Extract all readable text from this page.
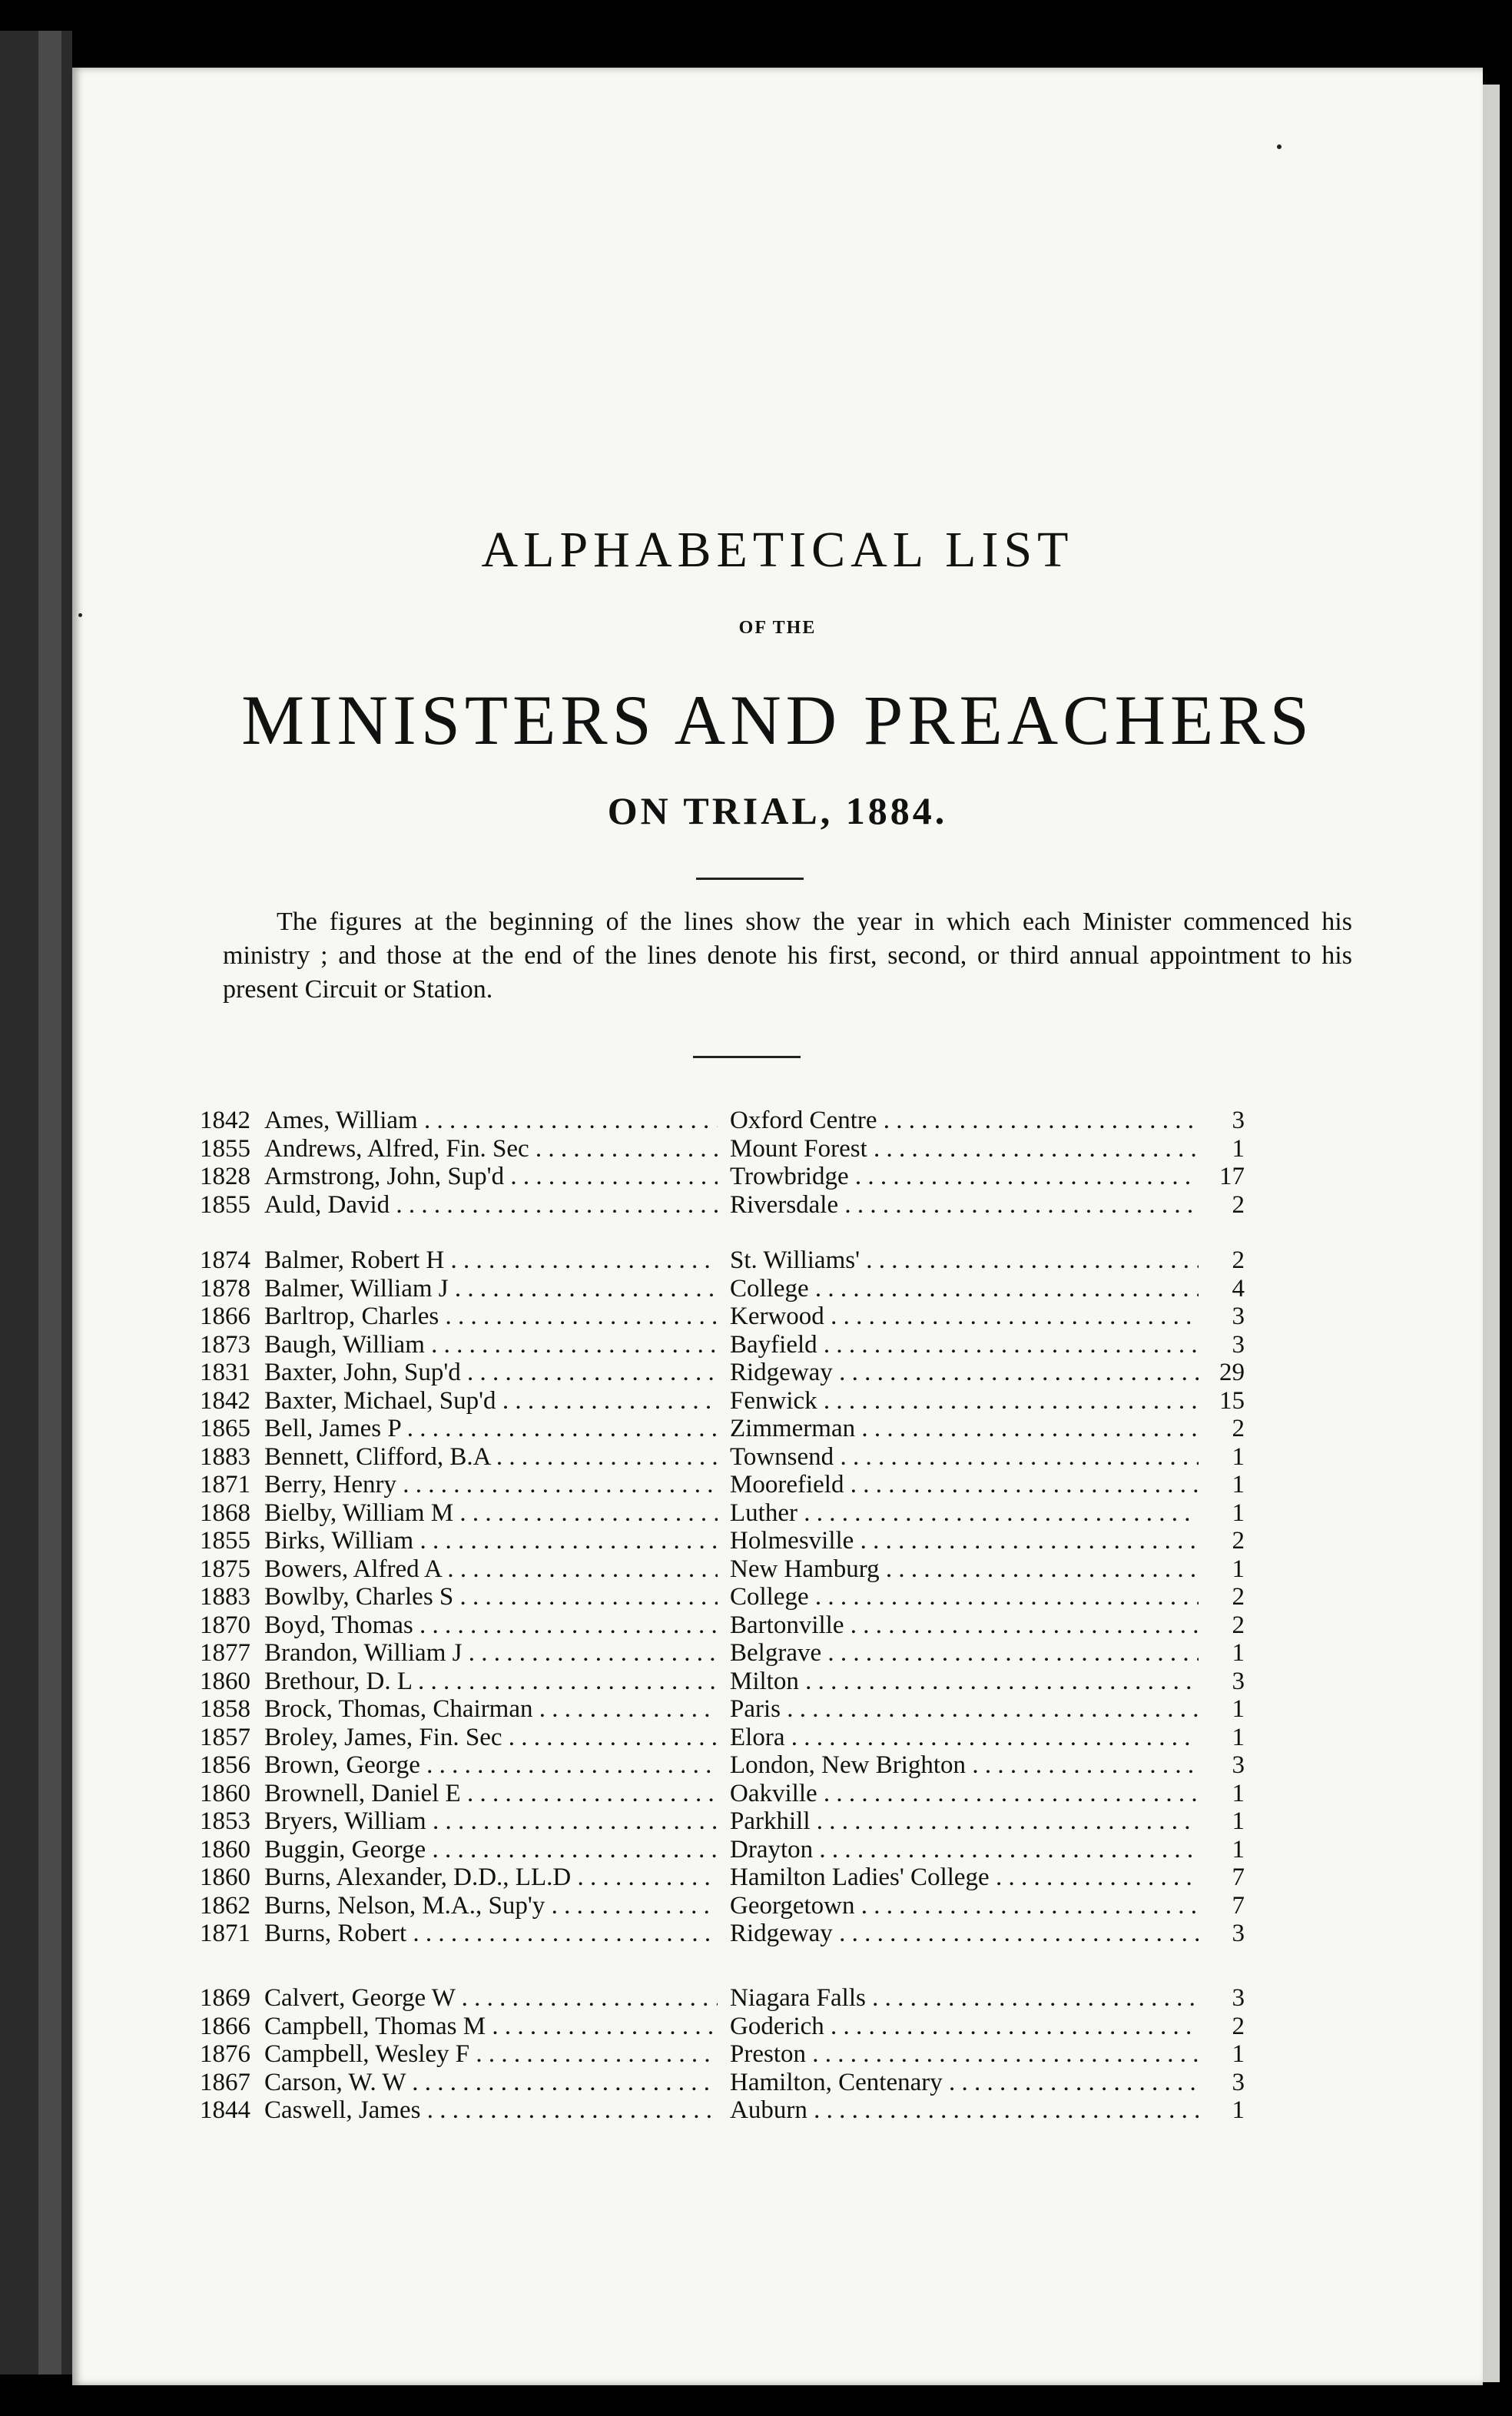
ALPHABETICAL LIST
OF THE
MINISTERS AND PREACHERS
ON TRIAL, 1884.
The figures at the beginning of the lines show the year in which each Minister commenced his ministry ; and those at the end of the lines denote his first, second, or third annual appointment to his present Circuit or Station.
1842 Ames, William . . .	Oxford Centre . . .	3
1855 Andrews, Alfred, Fin. Sec . . .	Mount Forest . . .	1
1828 Armstrong, John, Sup'd . . .	Trowbridge . . .	17
1855 Auld, David . . .	Riversdale . . .	2
1874 Balmer, Robert H . . .	St. Williams' . . .	2
1878 Balmer, William J . . .	College . . .	4
1866 Barltrop, Charles . . .	Kerwood . . .	3
1873 Baugh, William . . .	Bayfield . . .	3
1831 Baxter, John, Sup'd . . .	Ridgeway . . .	29
1842 Baxter, Michael, Sup'd . . .	Fenwick . . .	15
1865 Bell, James P . . .	Zimmerman . . .	2
1883 Bennett, Clifford, B.A . . .	Townsend . . .	1
1871 Berry, Henry . . .	Moorefield . . .	1
1868 Bielby, William M . . .	Luther . . .	1
1855 Birks, William . . .	Holmesville . . .	2
1875 Bowers, Alfred A . . .	New Hamburg . . .	1
1883 Bowlby, Charles S . . .	College . . .	2
1870 Boyd, Thomas . . .	Bartonville . . .	2
1877 Brandon, William J . . .	Belgrave . . .	1
1860 Brethour, D. L . . .	Milton . . .	3
1858 Brock, Thomas, Chairman . . .	Paris . . .	1
1857 Broley, James, Fin. Sec . . .	Elora . . .	1
1856 Brown, George . . .	London, New Brighton . . .	3
1860 Brownell, Daniel E . . .	Oakville . . .	1
1853 Bryers, William . . .	Parkhill . . .	1
1860 Buggin, George . . .	Drayton . . .	1
1860 Burns, Alexander, D.D., LL.D . . .	Hamilton Ladies' College . . .	7
1862 Burns, Nelson, M.A., Sup'y . . .	Georgetown . . .	7
1871 Burns, Robert . . .	Ridgeway . . .	3
1869 Calvert, George W . . .	Niagara Falls . . .	3
1866 Campbell, Thomas M . . .	Goderich . . .	2
1876 Campbell, Wesley F . . .	Preston . . .	1
1867 Carson, W. W . . .	Hamilton, Centenary . . .	3
1844 Caswell, James . . .	Auburn . . .	1
